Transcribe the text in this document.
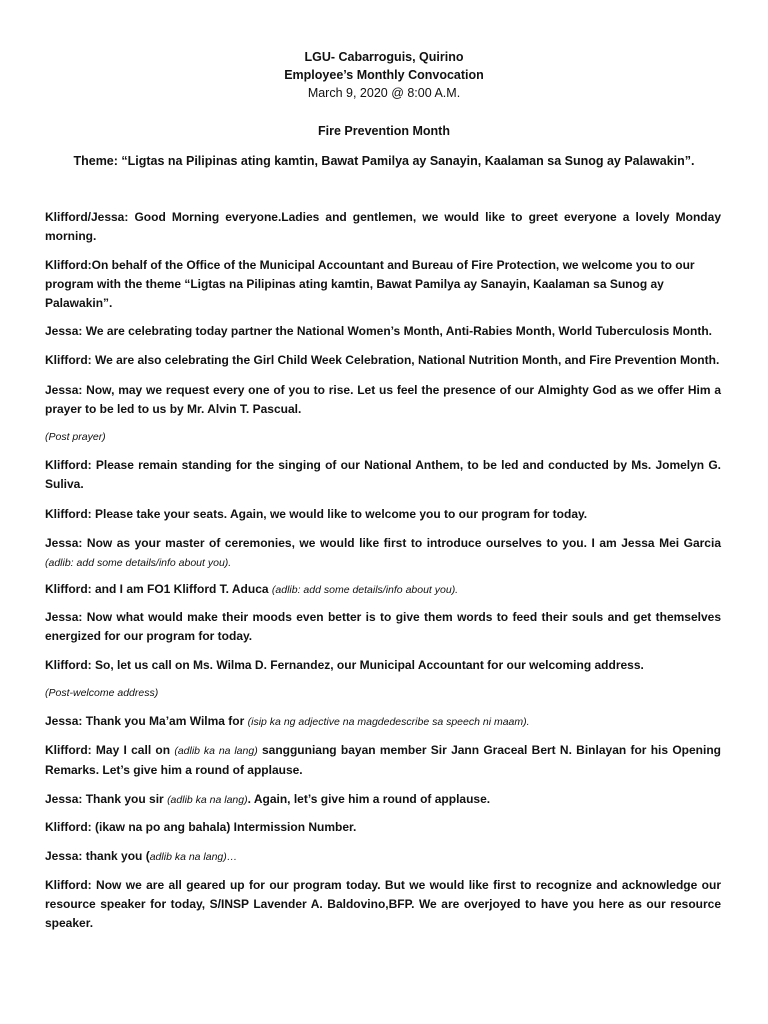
LGU- Cabarroguis, Quirino
Employee’s Monthly Convocation
March 9, 2020 @ 8:00 A.M.
Fire Prevention Month
Theme: “Ligtas na Pilipinas ating kamtin, Bawat Pamilya ay Sanayin, Kaalaman sa Sunog ay Palawakin”.
Klifford/Jessa: Good Morning everyone.Ladies and gentlemen, we would like to greet everyone a lovely Monday morning.
Klifford:On behalf of the Office of the Municipal Accountant and Bureau of Fire Protection, we welcome you to our program with the theme “Ligtas na Pilipinas ating kamtin, Bawat Pamilya ay Sanayin, Kaalaman sa Sunog ay Palawakin”.
Jessa: We are celebrating today partner the National Women’s Month, Anti-Rabies Month, World Tuberculosis Month.
Klifford: We are also celebrating the Girl Child Week Celebration, National Nutrition Month, and Fire Prevention Month.
Jessa: Now, may we request every one of you to rise. Let us feel the presence of our Almighty God as we offer Him a prayer to be led to us by Mr. Alvin T. Pascual.
(Post prayer)
Klifford: Please remain standing for the singing of our National Anthem, to be led and conducted by Ms. Jomelyn G. Suliva.
Klifford: Please take your seats. Again, we would like to welcome you to our program for today.
Jessa: Now as your master of ceremonies, we would like first to introduce ourselves to you. I am Jessa Mei Garcia (adlib: add some details/info about you).
Klifford: and I am FO1 Klifford T. Aduca (adlib: add some details/info about you).
Jessa: Now what would make their moods even better is to give them words to feed their souls and get themselves energized for our program for today.
Klifford: So, let us call on Ms. Wilma D. Fernandez, our Municipal Accountant for our welcoming address.
(Post-welcome address)
Jessa: Thank you Ma’am Wilma for (isip ka ng adjective na magdedescribe sa speech ni maam).
Klifford: May I call on (adlib ka na lang) sangguniang bayan member Sir Jann Graceal Bert N. Binlayan for his Opening Remarks. Let’s give him a round of applause.
Jessa: Thank you sir (adlib ka na lang). Again, let’s give him a round of applause.
Klifford: (ikaw na po ang bahala) Intermission Number.
Jessa: thank you (adlib ka na lang)…
Klifford: Now we are all geared up for our program today. But we would like first to recognize and acknowledge our resource speaker for today, S/INSP Lavender A. Baldovino,BFP. We are overjoyed to have you here as our resource speaker.
